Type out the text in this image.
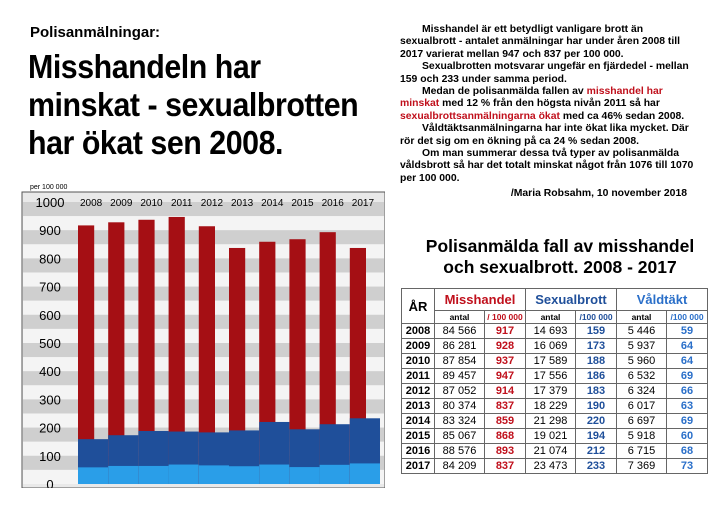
Polisanmälningar:
Misshandeln har
minskat - sexualbrotten
har ökat sen 2008.
per 100 000
1000
900
800
700
600
500
400
300
200
100
0
2008 2009 2010 2011 2012 2013 2014 2015 2016 2017

Misshandel är ett betydligt vanligare brott än sexualbrott - antalet anmälningar har under åren 2008 till 2017 varierat mellan 947 och 837 per 100 000.

Sexualbrotten motsvarar ungefär en fjärdedel - mellan 159 och 233 under samma period.

Medan de polisanmälda fallen av misshandel har minskat med 12 % från den högsta nivån 2011 så har sexualbrottsanmälningarna ökat med ca 46% sedan 2008.

Våldtäktsanmälningarna har inte ökat lika mycket. Där rör det sig om en ökning på ca 24 % sedan 2008.

Om man summerar dessa två typer av polisanmälda våldsbrott så har det totalt minskat något från 1076 till 1070 per 100 000.

/Maria Robsahm, 10 november 2018
Polisanmälda fall av misshandel
och sexualbrott. 2008 - 2017
ÅR	Misshandel		Sexualbrott		Våldtäkt	
	antal	/ 100 000	antal	/100 000	antal	/100 000
2008	84 566	917	14 693	159	5 446	59
2009	86 281	928	16 069	173	5 937	64
2010	87 854	937	17 589	188	5 960	64
2011	89 457	947	17 556	186	6 532	69
2012	87 052	914	17 379	183	6 324	66
2013	80 374	837	18 229	190	6 017	63
2014	83 324	859	21 298	220	6 697	69
2015	85 067	868	19 021	194	5 918	60
2016	88 576	893	21 074	212	6 715	68
2017	84 209	837	23 473	233	7 369	73
